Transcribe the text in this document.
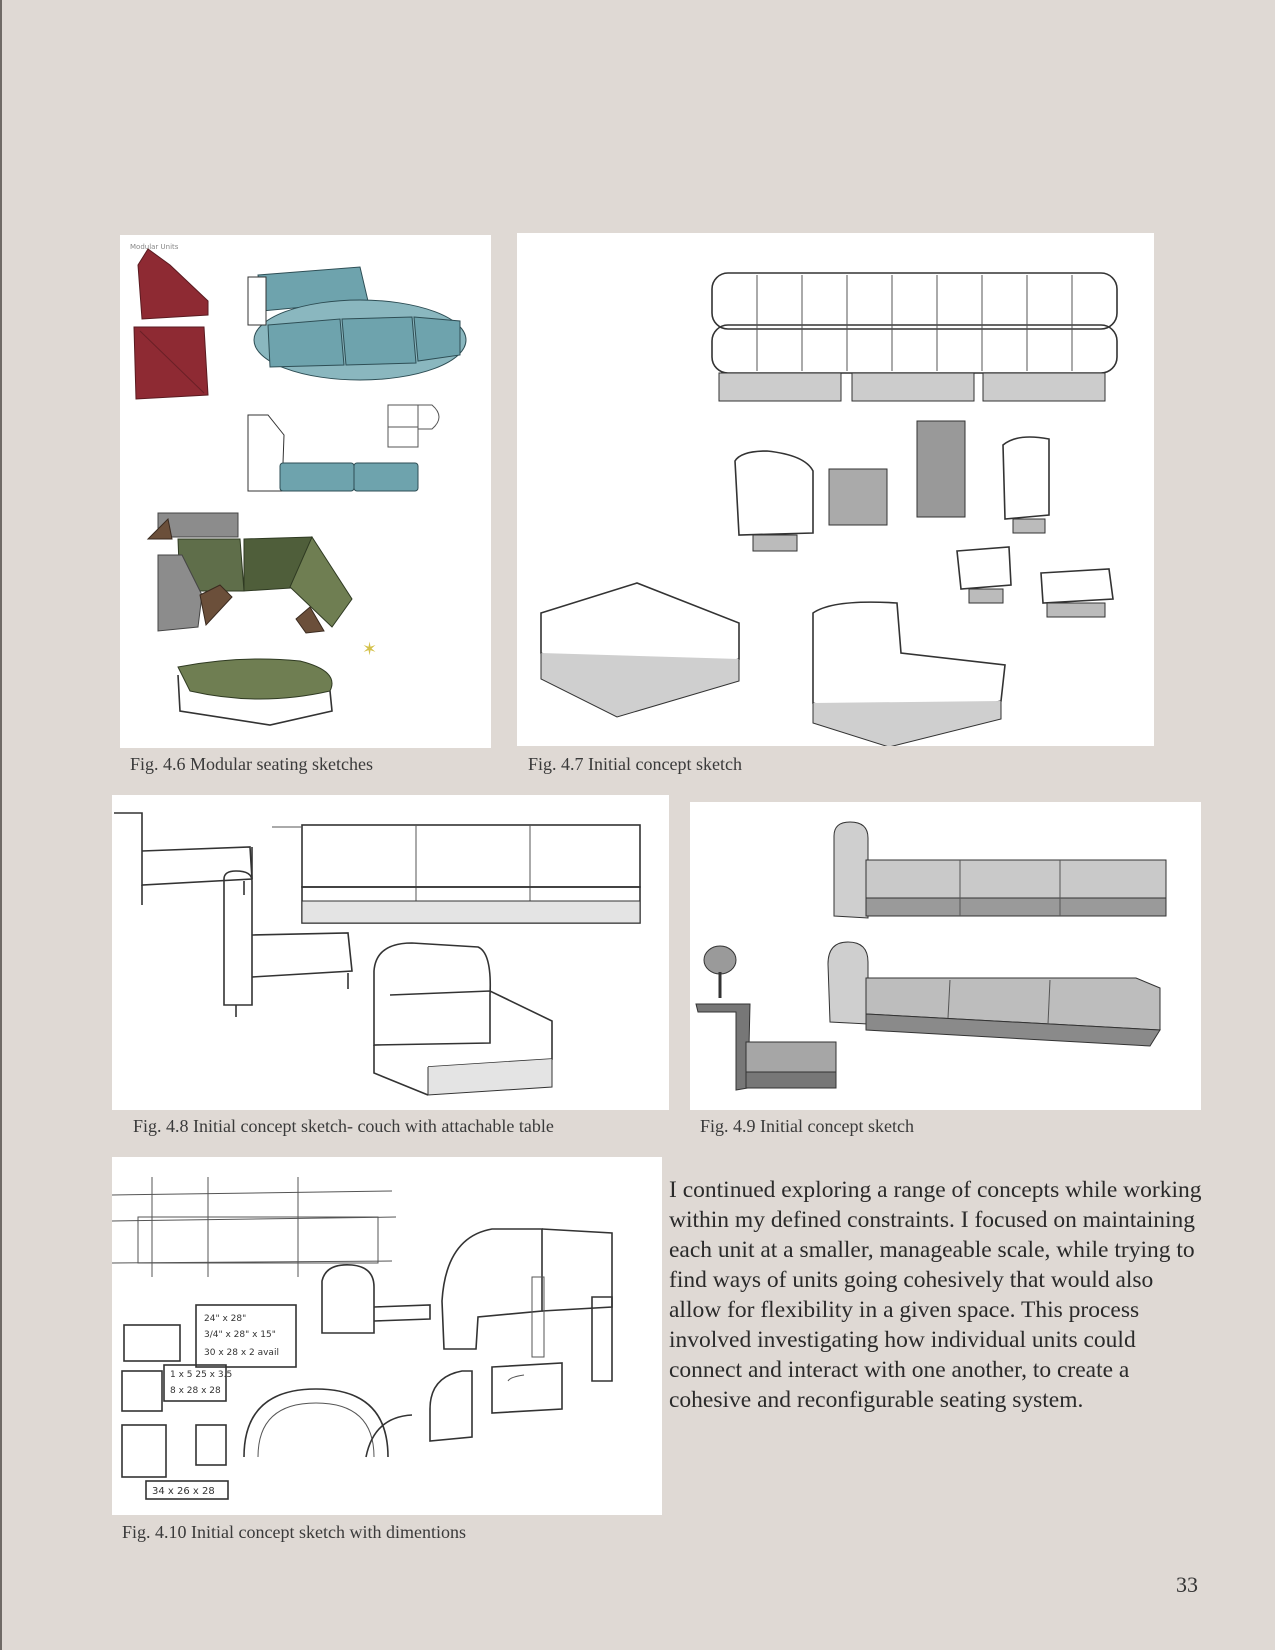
Modular Units
✶
Fig. 4.6 Modular seating sketches	Fig. 4.7 Initial concept sketch
Fig. 4.8 Initial concept sketch- couch with attachable table	Fig. 4.9 Initial concept sketch
24" x 28"
3/4" x 28" x 15"
30 x 28 x 2 avail
1 x 5 25 x 3.5
8 x 28 x 28
34 x 26 x 28
Fig. 4.10 Initial concept sketch with dimentions
I continued exploring a range of concepts while working within my defined constraints. I focused on maintaining each unit at a smaller, manageable scale, while trying to find ways of units going cohesively that would also allow for flexibility in a given space. This process involved investigating how individual units could connect and interact with one another, to create a cohesive and reconfigurable seating system.
33
